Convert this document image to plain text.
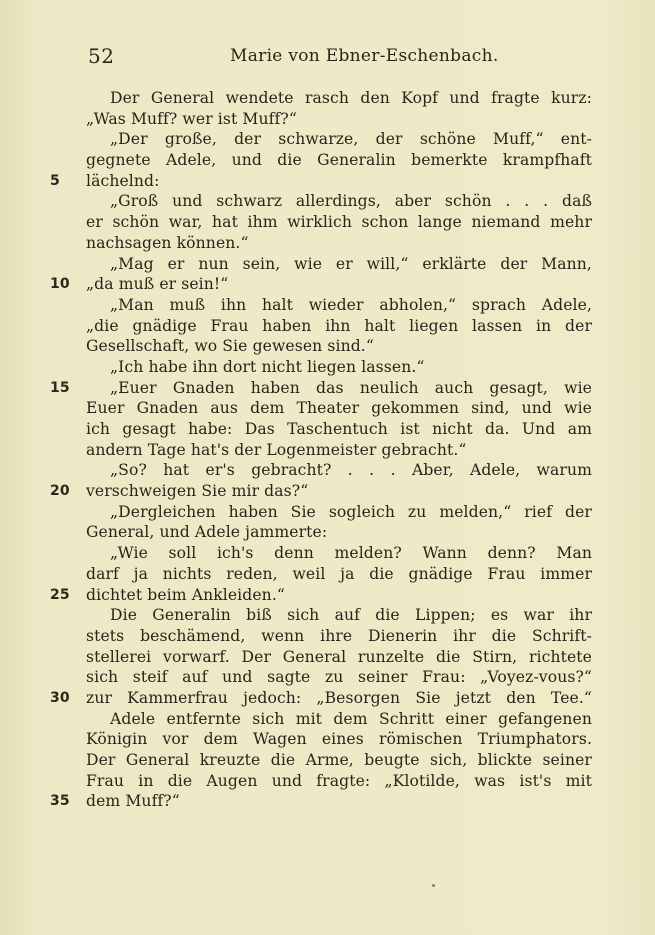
52	Marie von Ebner-Eschenbach.
Der General wendete rasch den Kopf und fragte kurz:
„Was Muff? wer ist Muff?“
„Der große, der schwarze, der schöne Muff,“ ent-
gegnete Adele, und die Generalin bemerkte krampfhaft
5	lächelnd:
„Groß und schwarz allerdings, aber schön . . . daß
er schön war, hat ihm wirklich schon lange niemand mehr
nachsagen können.“
„Mag er nun sein, wie er will,“ erklärte der Mann,
10 „da muß er sein!“
„Man muß ihn halt wieder abholen,“ sprach Adele,
„die gnädige Frau haben ihn halt liegen lassen in der
Gesellschaft, wo Sie gewesen sind.“
„Ich habe ihn dort nicht liegen lassen.“
15	„Euer Gnaden haben das neulich auch gesagt, wie
Euer Gnaden aus dem Theater gekommen sind, und wie
ich gesagt habe: Das Taschentuch ist nicht da. Und am
andern Tage hat's der Logenmeister gebracht.“
„So? hat er's gebracht? . . . Aber, Adele, warum
20 verschweigen Sie mir das?“
„Dergleichen haben Sie sogleich zu melden,“ rief der
General, und Adele jammerte:
„Wie soll ich's denn melden? Wann denn? Man
darf ja nichts reden, weil ja die gnädige Frau immer
25 dichtet beim Ankleiden.“
Die Generalin biß sich auf die Lippen; es war ihr
stets beschämend, wenn ihre Dienerin ihr die Schrift-
stellerei vorwarf. Der General runzelte die Stirn, richtete
sich steif auf und sagte zu seiner Frau: „Voyez-vous?“
30 zur Kammerfrau jedoch: „Besorgen Sie jetzt den Tee.“
Adele entfernte sich mit dem Schritt einer gefangenen
Königin vor dem Wagen eines römischen Triumphators.
Der General kreuzte die Arme, beugte sich, blickte seiner
Frau in die Augen und fragte: „Klotilde, was ist's mit
35 dem Muff?“
